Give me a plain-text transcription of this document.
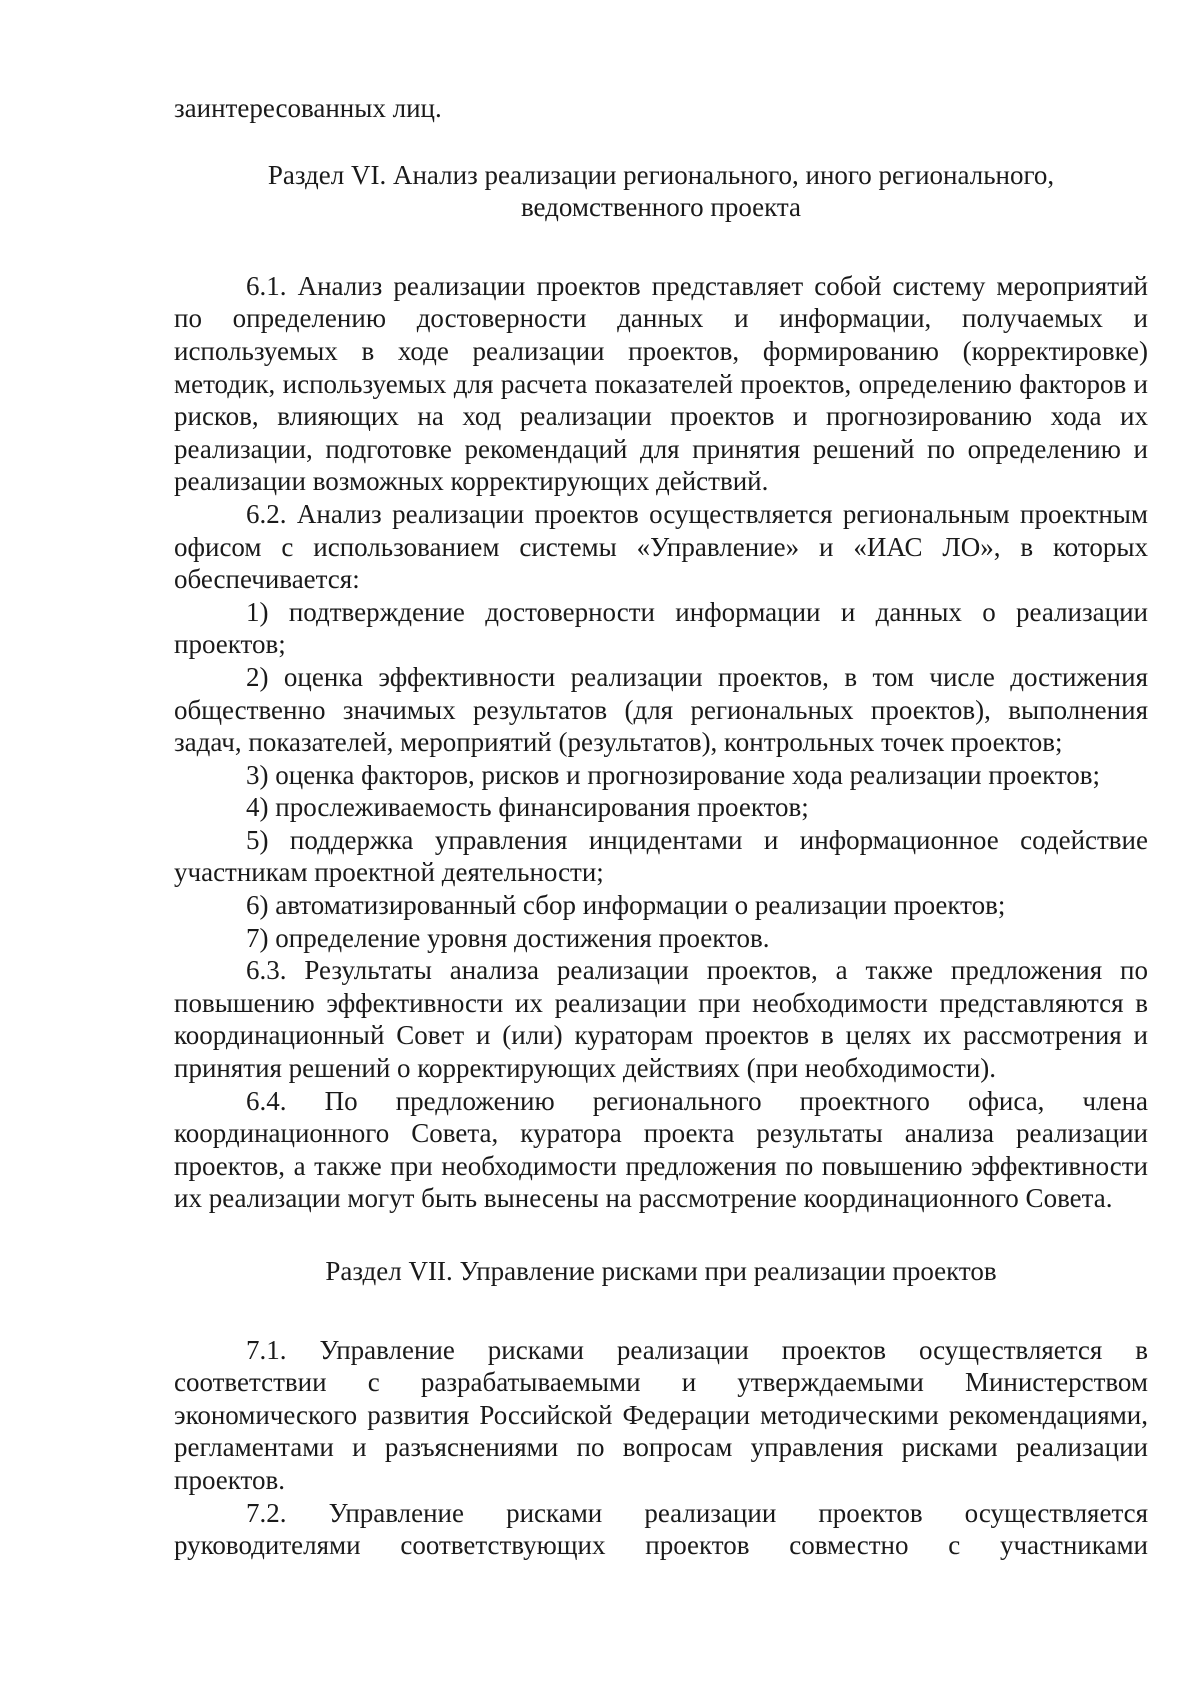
заинтересованных лиц.

Раздел VI. Анализ реализации регионального, иного регионального,
ведомственного проекта

6.1. Анализ реализации проектов представляет собой систему мероприятий по определению достоверности данных и информации, получаемых и используемых в ходе реализации проектов, формированию (корректировке) методик, используемых для расчета показателей проектов, определению факторов и рисков, влияющих на ход реализации проектов и прогнозированию хода их реализации, подготовке рекомендаций для принятия решений по определению и реализации возможных корректирующих действий.

6.2. Анализ реализации проектов осуществляется региональным проектным офисом с использованием системы «Управление» и «ИАС ЛО», в которых обеспечивается:

1) подтверждение достоверности информации и данных о реализации проектов;

2) оценка эффективности реализации проектов, в том числе достижения общественно значимых результатов (для региональных проектов), выполнения задач, показателей, мероприятий (результатов), контрольных точек проектов;

3) оценка факторов, рисков и прогнозирование хода реализации проектов;

4) прослеживаемость финансирования проектов;

5) поддержка управления инцидентами и информационное содействие участникам проектной деятельности;

6) автоматизированный сбор информации о реализации проектов;

7) определение уровня достижения проектов.

6.3. Результаты анализа реализации проектов, а также предложения по повышению эффективности их реализации при необходимости представляются в координационный Совет и (или) кураторам проектов в целях их рассмотрения и принятия решений о корректирующих действиях (при необходимости).

6.4. По предложению регионального проектного офиса, члена координационного Совета, куратора проекта результаты анализа реализации проектов, а также при необходимости предложения по повышению эффективности их реализации могут быть вынесены на рассмотрение координационного Совета.

Раздел VII. Управление рисками при реализации проектов

7.1. Управление рисками реализации проектов осуществляется в соответствии с разрабатываемыми и утверждаемыми Министерством экономического развития Российской Федерации методическими рекомендациями, регламентами и разъяснениями по вопросам управления рисками реализации проектов.

7.2. Управление рисками реализации проектов осуществляется руководителями соответствующих проектов совместно с участниками
